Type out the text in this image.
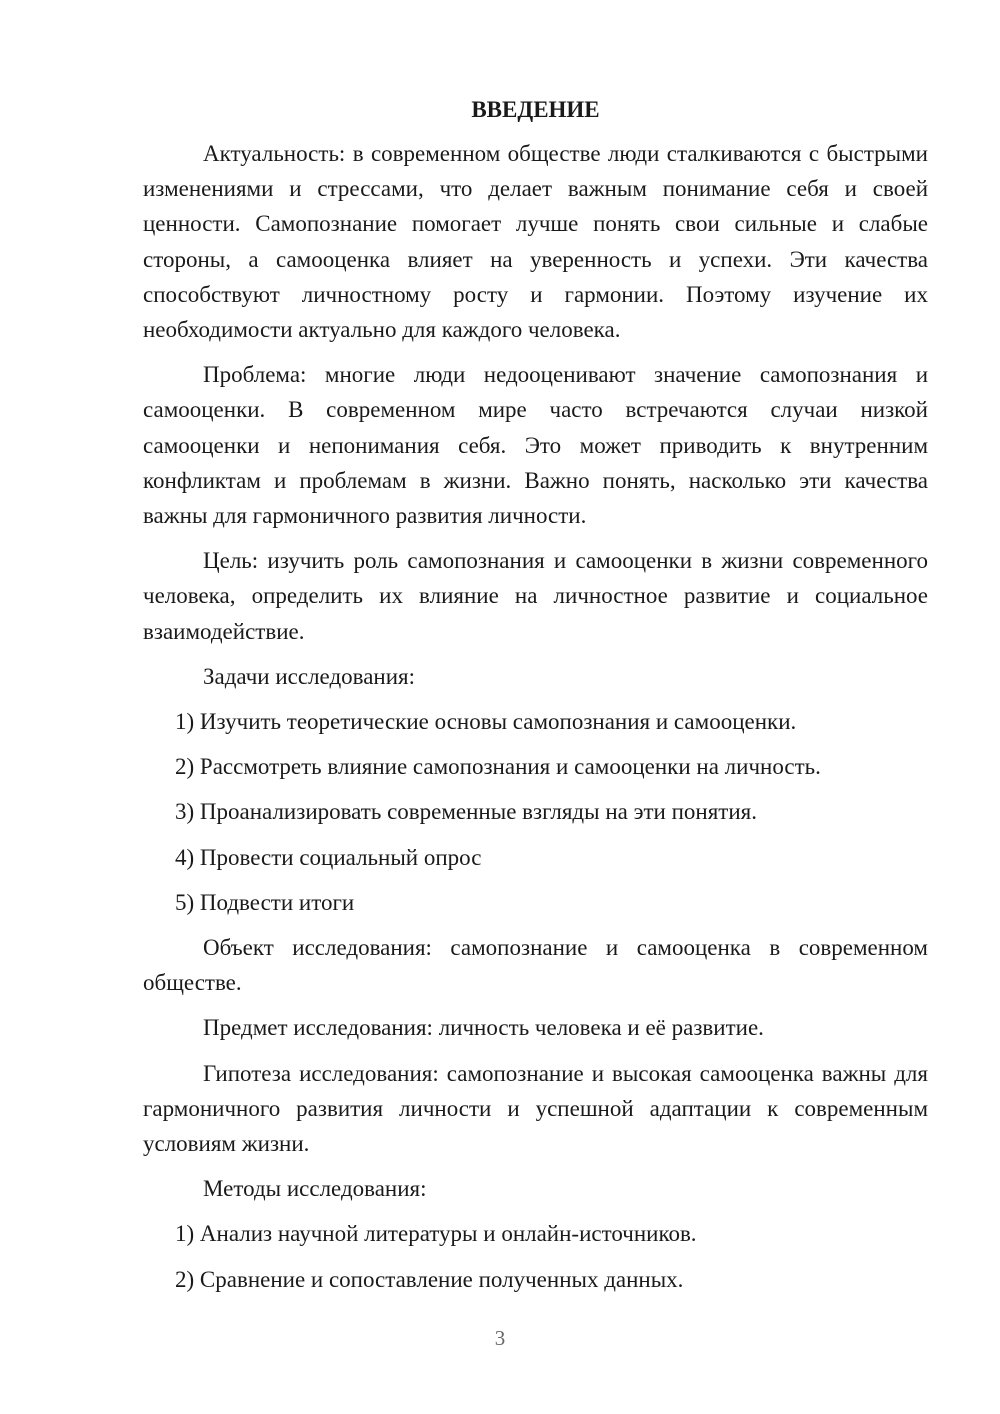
ВВЕДЕНИЕ

Актуальность: в современном обществе люди сталкиваются с быстрыми изменениями и стрессами, что делает важным понимание себя и своей ценности. Самопознание помогает лучше понять свои сильные и слабые стороны, а самооценка влияет на уверенность и успехи. Эти качества способствуют личностному росту и гармонии. Поэтому изучение их необходимости актуально для каждого человека.

Проблема: многие люди недооценивают значение самопознания и самооценки. В современном мире часто встречаются случаи низкой самооценки и непонимания себя. Это может приводить к внутренним конфликтам и проблемам в жизни. Важно понять, насколько эти качества важны для гармоничного развития личности.

Цель: изучить роль самопознания и самооценки в жизни современного человека, определить их влияние на личностное развитие и социальное взаимодействие.

Задачи исследования:

1) Изучить теоретические основы самопознания и самооценки.
2) Рассмотреть влияние самопознания и самооценки на личность.
3) Проанализировать современные взгляды на эти понятия.
4) Провести социальный опрос
5) Подвести итоги

Объект исследования: самопознание и самооценка в современном обществе.

Предмет исследования: личность человека и её развитие.

Гипотеза исследования: самопознание и высокая самооценка важны для гармоничного развития личности и успешной адаптации к современным условиям жизни.

Методы исследования:

1) Анализ научной литературы и онлайн-источников.
2) Сравнение и сопоставление полученных данных.
3
